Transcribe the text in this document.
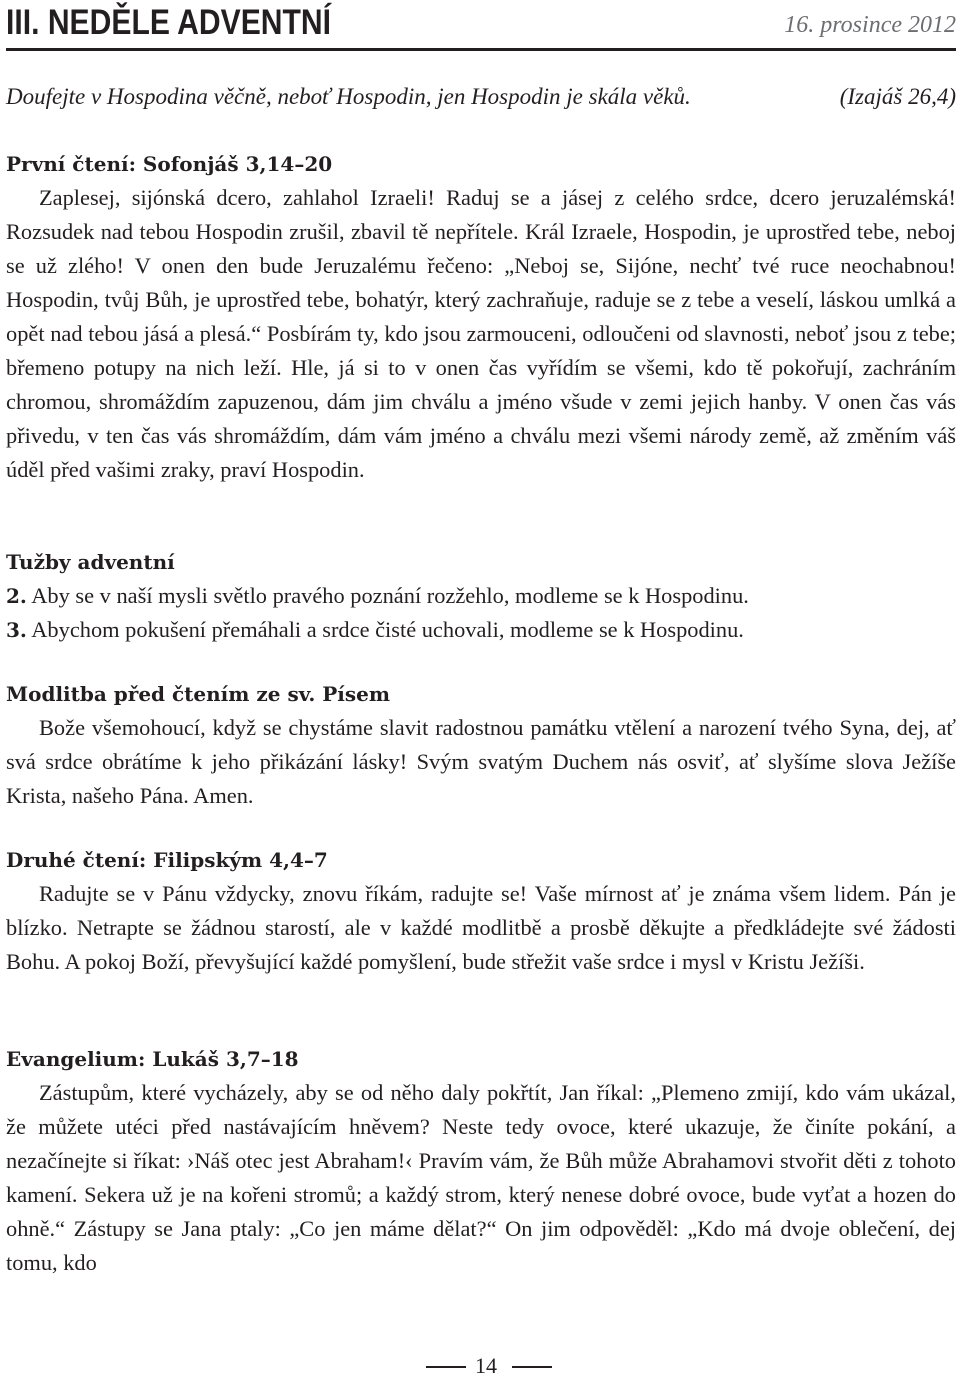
III. NEDĚLE ADVENTNÍ	16. prosince 2012
Doufejte v Hospodina věčně, neboť Hospodin, jen Hospodin je skála věků.	(Izajáš 26,4)
První čtení: Sofonjáš 3,14–20

Zaplesej, sijónská dcero, zahlahol Izraeli! Raduj se a jásej z celého srdce, dcero jeruzalémská! Rozsudek nad tebou Hospodin zrušil, zbavil tě nepřítele. Král Izraele, Hospodin, je uprostřed tebe, neboj se už zlého! V onen den bude Jeruzalému řečeno: „Neboj se, Sijóne, nechť tvé ruce neochabnou! Hospodin, tvůj Bůh, je uprostřed tebe, bohatýr, který zachraňuje, raduje se z tebe a veselí, láskou umlká a opět nad tebou jásá a plesá.“ Posbírám ty, kdo jsou zarmouceni, odloučeni od slavnosti, neboť jsou z tebe; břemeno potupy na nich leží. Hle, já si to v onen čas vyřídím se všemi, kdo tě pokořují, zachráním chromou, shromáždím zapuzenou, dám jim chválu a jméno všude v zemi jejich hanby. V onen čas vás přivedu, v ten čas vás shromáždím, dám vám jméno a chválu mezi všemi národy země, až změním váš úděl před vašimi zraky, praví Hospodin.

Tužby adventní
2. Aby se v naší mysli světlo pravého poznání rozžehlo, modleme se k Hospodinu.
3. Abychom pokušení přemáhali a srdce čisté uchovali, modleme se k Hospodinu.
Modlitba před čtením ze sv. Písem

Bože všemohoucí, když se chystáme slavit radostnou památku vtělení a narození tvého Syna, dej, ať svá srdce obrátíme k jeho přikázání lásky! Svým svatým Duchem nás osviť, ať slyšíme slova Ježíše Krista, našeho Pána. Amen.

Druhé čtení: Filipským 4,4–7

Radujte se v Pánu vždycky, znovu říkám, radujte se! Vaše mírnost ať je známa všem lidem. Pán je blízko. Netrapte se žádnou starostí, ale v každé modlitbě a prosbě děkujte a předkládejte své žádosti Bohu. A pokoj Boží, převyšující každé pomyšlení, bude střežit vaše srdce i mysl v Kristu Ježíši.

Evangelium: Lukáš 3,7–18

Zástupům, které vycházely, aby se od něho daly pokřtít, Jan říkal: „Plemeno zmijí, kdo vám ukázal, že můžete utéci před nastávajícím hněvem? Neste tedy ovoce, které ukazuje, že činíte pokání, a nezačínejte si říkat: ›Náš otec jest Abraham!‹ Pravím vám, že Bůh může Abrahamovi stvořit děti z tohoto kamení. Sekera už je na kořeni stromů; a každý strom, který nenese dobré ovoce, bude vyťat a hozen do ohně.“ Zástupy se Jana ptaly: „Co jen máme dělat?“ On jim odpověděl: „Kdo má dvoje oblečení, dej tomu, kdo

14
